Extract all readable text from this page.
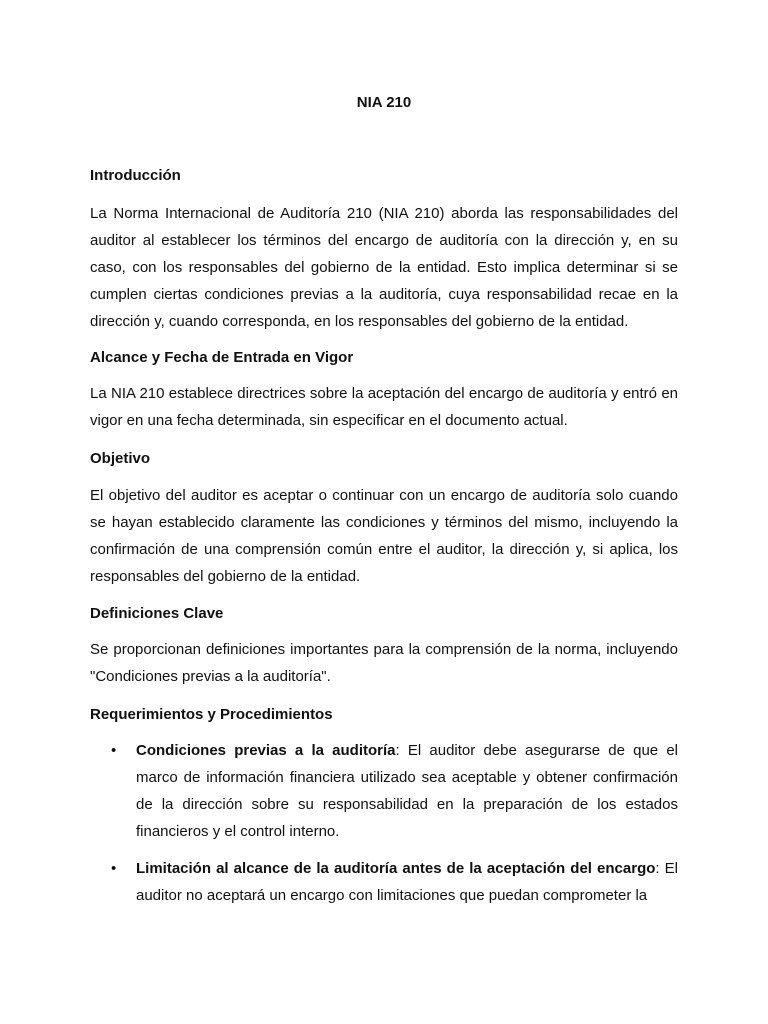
NIA 210
Introducción

La Norma Internacional de Auditoría 210 (NIA 210) aborda las responsabilidades del auditor al establecer los términos del encargo de auditoría con la dirección y, en su caso, con los responsables del gobierno de la entidad. Esto implica determinar si se cumplen ciertas condiciones previas a la auditoría, cuya responsabilidad recae en la dirección y, cuando corresponda, en los responsables del gobierno de la entidad.

Alcance y Fecha de Entrada en Vigor

La NIA 210 establece directrices sobre la aceptación del encargo de auditoría y entró en vigor en una fecha determinada, sin especificar en el documento actual.

Objetivo

El objetivo del auditor es aceptar o continuar con un encargo de auditoría solo cuando se hayan establecido claramente las condiciones y términos del mismo, incluyendo la confirmación de una comprensión común entre el auditor, la dirección y, si aplica, los responsables del gobierno de la entidad.

Definiciones Clave

Se proporcionan definiciones importantes para la comprensión de la norma, incluyendo "Condiciones previas a la auditoría".

Requerimientos y Procedimientos
• Condiciones previas a la auditoría: El auditor debe asegurarse de que el marco de información financiera utilizado sea aceptable y obtener confirmación de la dirección sobre su responsabilidad en la preparación de los estados financieros y el control interno.
• Limitación al alcance de la auditoría antes de la aceptación del encargo: El auditor no aceptará un encargo con limitaciones que puedan comprometer la
